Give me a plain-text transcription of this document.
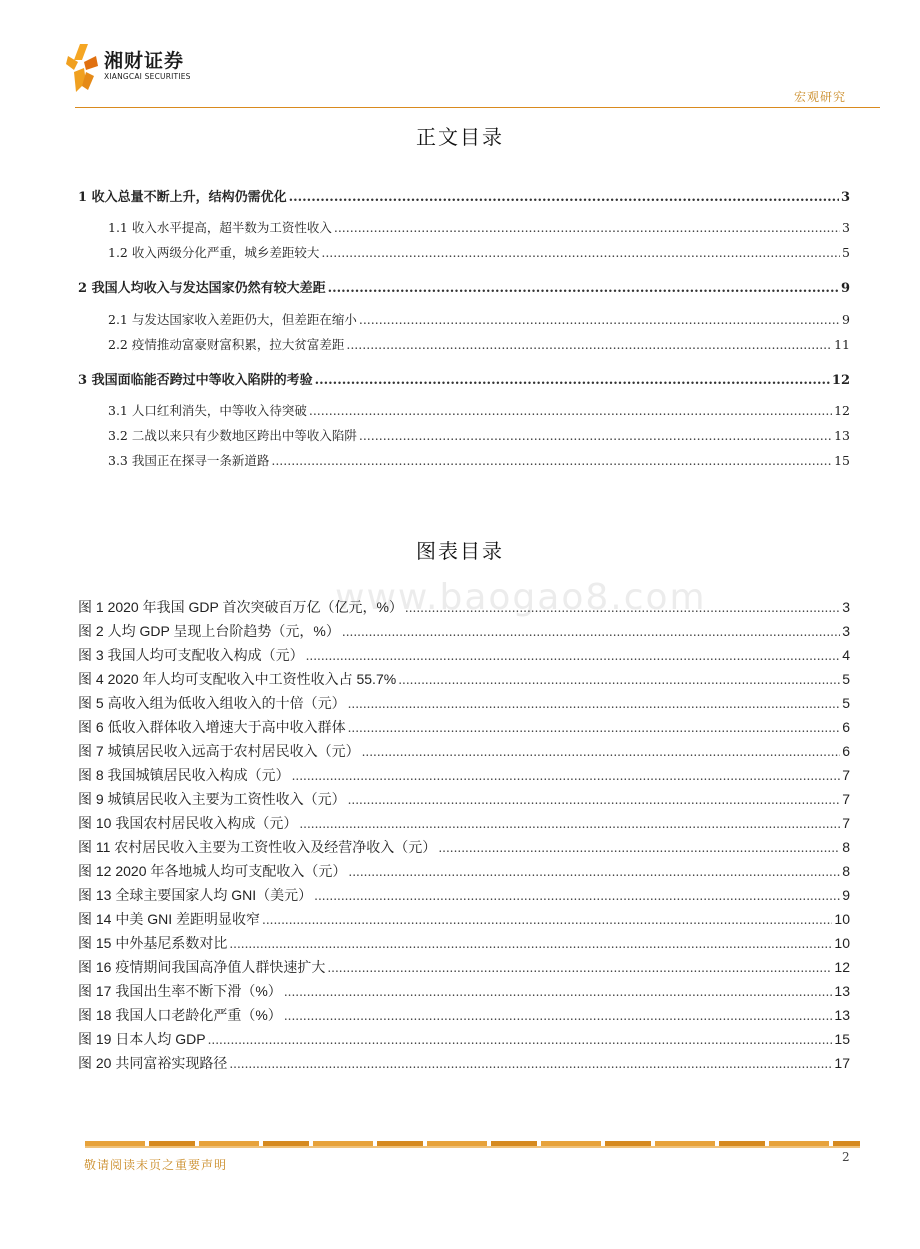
湘财证券
XIANGCAI SECURITIES
宏观研究
正文目录
1 收入总量不断上升，结构仍需优化 .....	3
1.1 收入水平提高，超半数为工资性收入 .....	3
1.2 收入两级分化严重，城乡差距较大 .....	5
2 我国人均收入与发达国家仍然有较大差距 .....	9
2.1 与发达国家收入差距仍大，但差距在缩小 .....	9
2.2 疫情推动富豪财富积累，拉大贫富差距 .....	11
3 我国面临能否跨过中等收入陷阱的考验 .....	12
3.1 人口红利消失，中等收入待突破 .....	12
3.2 二战以来只有少数地区跨出中等收入陷阱 .....	13
3.3 我国正在探寻一条新道路 .....	15
图表目录
www.baogao8.com
图 1 2020 年我国 GDP 首次突破百万亿（亿元，%） .....	3
图 2 人均 GDP 呈现上台阶趋势（元，%） .....	3
图 3 我国人均可支配收入构成（元） .....	4
图 4 2020 年人均可支配收入中工资性收入占 55.7% .....	5
图 5 高收入组为低收入组收入的十倍（元） .....	5
图 6 低收入群体收入增速大于高中收入群体 .....	6
图 7 城镇居民收入远高于农村居民收入（元） .....	6
图 8 我国城镇居民收入构成（元） .....	7
图 9 城镇居民收入主要为工资性收入（元） .....	7
图 10 我国农村居民收入构成（元） .....	7
图 11 农村居民收入主要为工资性收入及经营净收入（元） .....	8
图 12 2020 年各地城人均可支配收入（元） .....	8
图 13 全球主要国家人均 GNI（美元） .....	9
图 14 中美 GNI 差距明显收窄 .....	10
图 15 中外基尼系数对比 .....	10
图 16 疫情期间我国高净值人群快速扩大 .....	12
图 17 我国出生率不断下滑（%） .....	13
图 18 我国人口老龄化严重（%） .....	13
图 19 日本人均 GDP .....	15
图 20 共同富裕实现路径 .....	17
敬请阅读末页之重要声明
2
